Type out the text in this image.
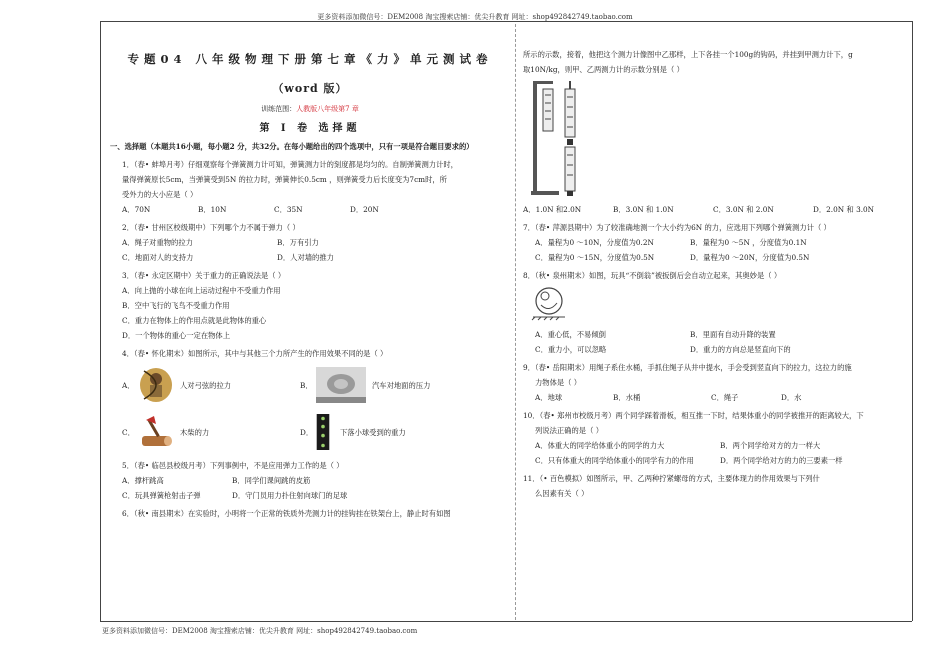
更多资料添加微信号：DEM2008 淘宝搜索店铺：优尖升教育 网址：shop492842749.taobao.com
更多资料添加微信号：DEM2008 淘宝搜索店铺：优尖升教育 网址：shop492842749.taobao.com
专题04 八年级物理下册第七章《力》单元测试卷
（word 版）
训练范围：人教版八年级第7 章
第 I 卷 选择题
一、选择题（本题共16小题，每小题2 分，共32分。在每小题给出的四个选项中，只有一项是符合题目要求的）
1．（春• 蚌埠月考）仔细观察每个弹簧测力计可知，弹簧测力计的刻度都是均匀的。自制弹簧测力计时，
量得弹簧原长5cm，当弹簧受到5N 的拉力时，弹簧伸长0.5cm ，则弹簧受力后长度变为7cm时，所
受外力的大小应是（ ）
A．70N	B．10N	C．35N	D．20N
2．（春• 甘州区校级期中）下列哪个力不属于弹力（ ）
A．绳子对重物的拉力	B．万有引力
C．地面对人的支持力	D．人对墙的推力
3．（春• 永定区期中）关于重力的正确说法是（ ）
A．向上抛的小球在向上运动过程中不受重力作用
B．空中飞行的飞鸟不受重力作用
C．重力在物体上的作用点就是此物体的重心
D．一个物体的重心一定在物体上
4．（春• 怀化期末）如图所示，其中与其他三个力所产生的作用效果不同的是（ ）
A．	人对弓弦的拉力	B．	汽车对地面的压力
C．	木柴的力	D．	下落小球受到的重力
5．（春• 临邑县校级月考）下列事例中，不是应用弹力工作的是（ ）
A．撑杆跳高	B．同学们课间跳的皮筋
C．玩具弹簧枪射击子弹	D．守门员用力扑住射向球门的足球
6．（秋• 南县期末）在实验时，小明将一个正常的铁质外壳测力计的挂钩挂在铁架台上，静止时有如图
所示的示数，接着，他把这个测力计像图中乙那样，上下各挂一个100g的钩码，并挂到甲测力计下，g
取10N/kg，则甲、乙两测力计的示数分别是（ ）
A．1.0N 和2.0N	B．3.0N 和 1.0N	C．3.0N 和 2.0N	D．2.0N 和 3.0N
7．（春• 萍源县期中）为了较准确地测一个大小约为6N 的力，应选用下列哪个弹簧测力计（ ）
A．量程为0 ～10N，分度值为0.2N	B．量程为0 ～5N ，分度值为0.1N
C．量程为0 ～15N，分度值为0.5N	D．量程为0 ～20N，分度值为0.5N
8．（秋• 泉州期末）如图，玩具“不倒翁”被扳倒后会自动立起来，其奥妙是（ ）
A．重心低，不易倾倒	B．里面有自动升降的装置
C．重力小，可以忽略	D．重力的方向总是竖直向下的
9．（春• 岳阳期末）用绳子系住水桶，手抓住绳子从井中提水，手会受到竖直向下的拉力，这拉力的施
力物体是（ ）
A．地球	B．水桶	C．绳子	D．水
10．（春• 郑州市校级月考）两个同学踩着滑板，相互推一下时，结果体重小的同学被推开的距离较大，下
列说法正确的是（ ）
A．体重大的同学给体重小的同学的力大	B．两个同学给对方的力一样大
C．只有体重大的同学给体重小的同学有力的作用	D．两个同学给对方的力的三要素一样
11．（• 百色模拟）如图所示，甲、乙两种拧紧螺母的方式，主要体现力的作用效果与下列什
么因素有关（ ）
